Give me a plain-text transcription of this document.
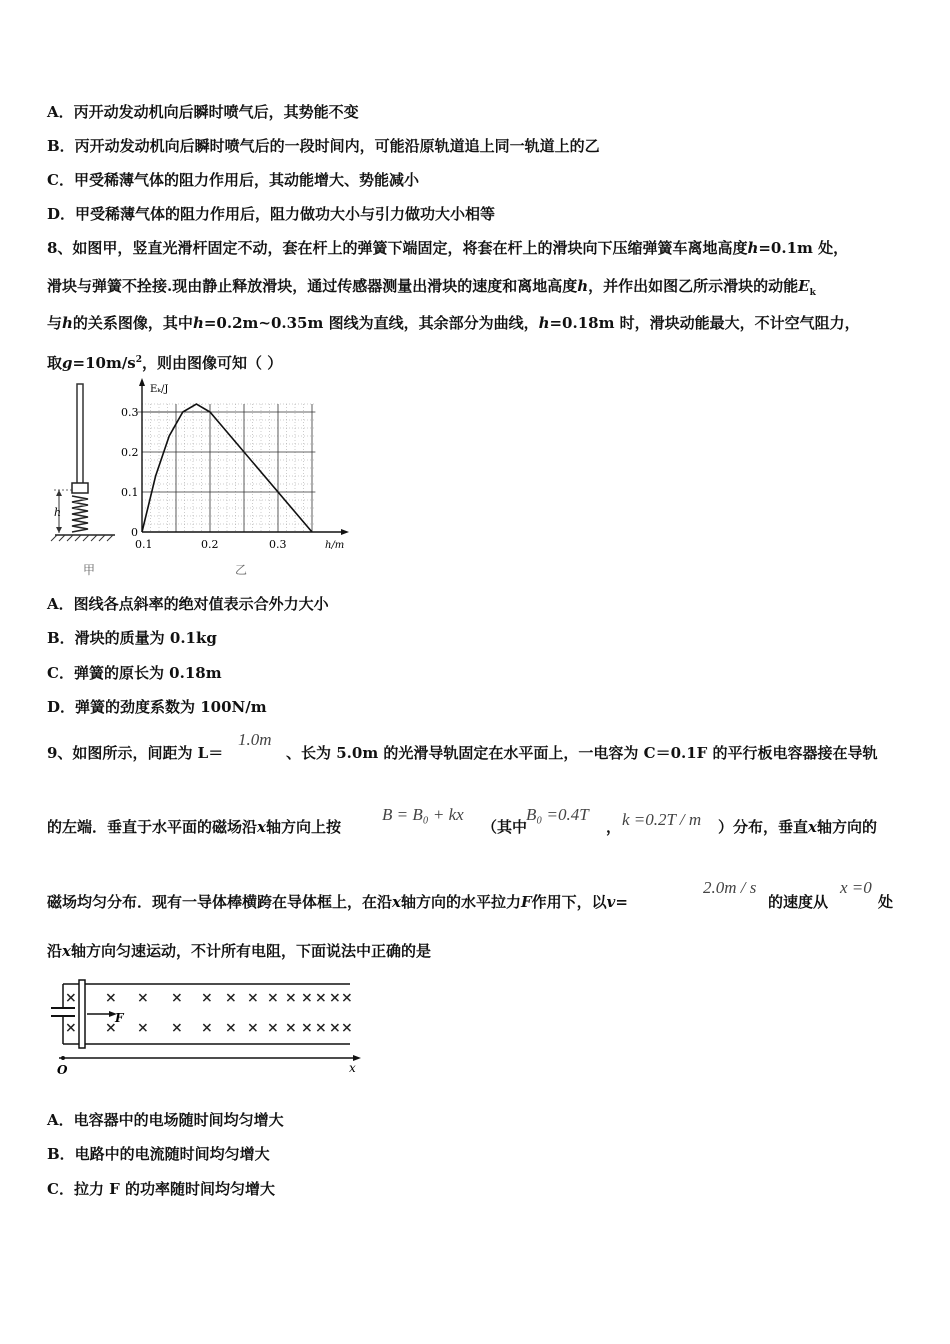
A．丙开动发动机向后瞬时喷气后，其势能不变
B．丙开动发动机向后瞬时喷气后的一段时间内，可能沿原轨道追上同一轨道上的乙
C．甲受稀薄气体的阻力作用后，其动能增大、势能减小
D．甲受稀薄气体的阻力作用后，阻力做功大小与引力做功大小相等
8、如图甲，竖直光滑杆固定不动，套在杆上的弹簧下端固定，将套在杆上的滑块向下压缩弹簧车离地高度h=0.1m 处，
滑块与弹簧不拴接.现由静止释放滑块，通过传感器测量出滑块的速度和离地高度h，并作出如图乙所示滑块的动能$E_k$
与h的关系图像，其中h=0.2m~0.35m 图线为直线，其余部分为曲线，h=0.18m 时，滑块动能最大，不计空气阻力，
取$g=10m/s^2$，则由图像可知（ ）
h
甲
Eₖ/J
h/m
0.3
0.2
0.1
0
0.1	0.2	0.3
乙
A．图线各点斜率的绝对值表示合外力大小
B．滑块的质量为 0.1kg
C．弹簧的原长为 0.18m
D．弹簧的劲度系数为 100N/m
9、如图所示，间距为 L＝
1.0m
、长为 5.0m 的光滑导轨固定在水平面上，一电容为 C＝0.1F 的平行板电容器接在导轨
的左端．垂直于水平面的磁场沿x轴方向上按
B = B₀ + kx
（其中
B₀ =0.4T
， k =0.2T / m ）分布，垂直x轴方向的
磁场均匀分布．现有一导体棒横跨在导体框上，在沿x轴方向的水平拉力F作用下，以v=
2.0m / s
的速度从
x =0
处
沿x轴方向匀速运动，不计所有电阻，下面说法中正确的是
F
× × × × × × × × × × × × ×
× × × × × × × × × × × × ×
O	x
A．电容器中的电场随时间均匀增大
B．电路中的电流随时间均匀增大
C．拉力 F 的功率随时间均匀增大
